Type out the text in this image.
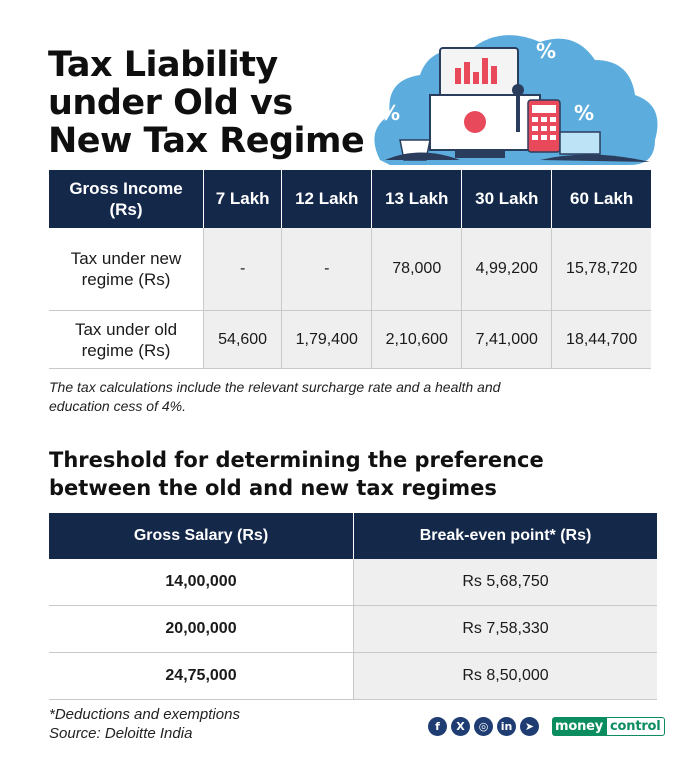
Tax Liability
under Old vs
New Tax Regime
%
%
%
Gross Income (Rs)	7 Lakh	12 Lakh	13 Lakh	30 Lakh	60 Lakh
Tax under new regime (Rs)	-	-	78,000	4,99,200	15,78,720
Tax under old regime (Rs)	54,600	1,79,400	2,10,600	7,41,000	18,44,700

The tax calculations include the relevant surcharge rate and a health and education cess of 4%.

Threshold for determining the preference between the old and new tax regimes
Gross Salary (Rs)	Break-even point* (Rs)
14,00,000	Rs 5,68,750
20,00,000	Rs 7,58,330
24,75,000	Rs 8,50,000

*Deductions and exemptions
Source: Deloitte India	f	X	◎	in	➤	money control
